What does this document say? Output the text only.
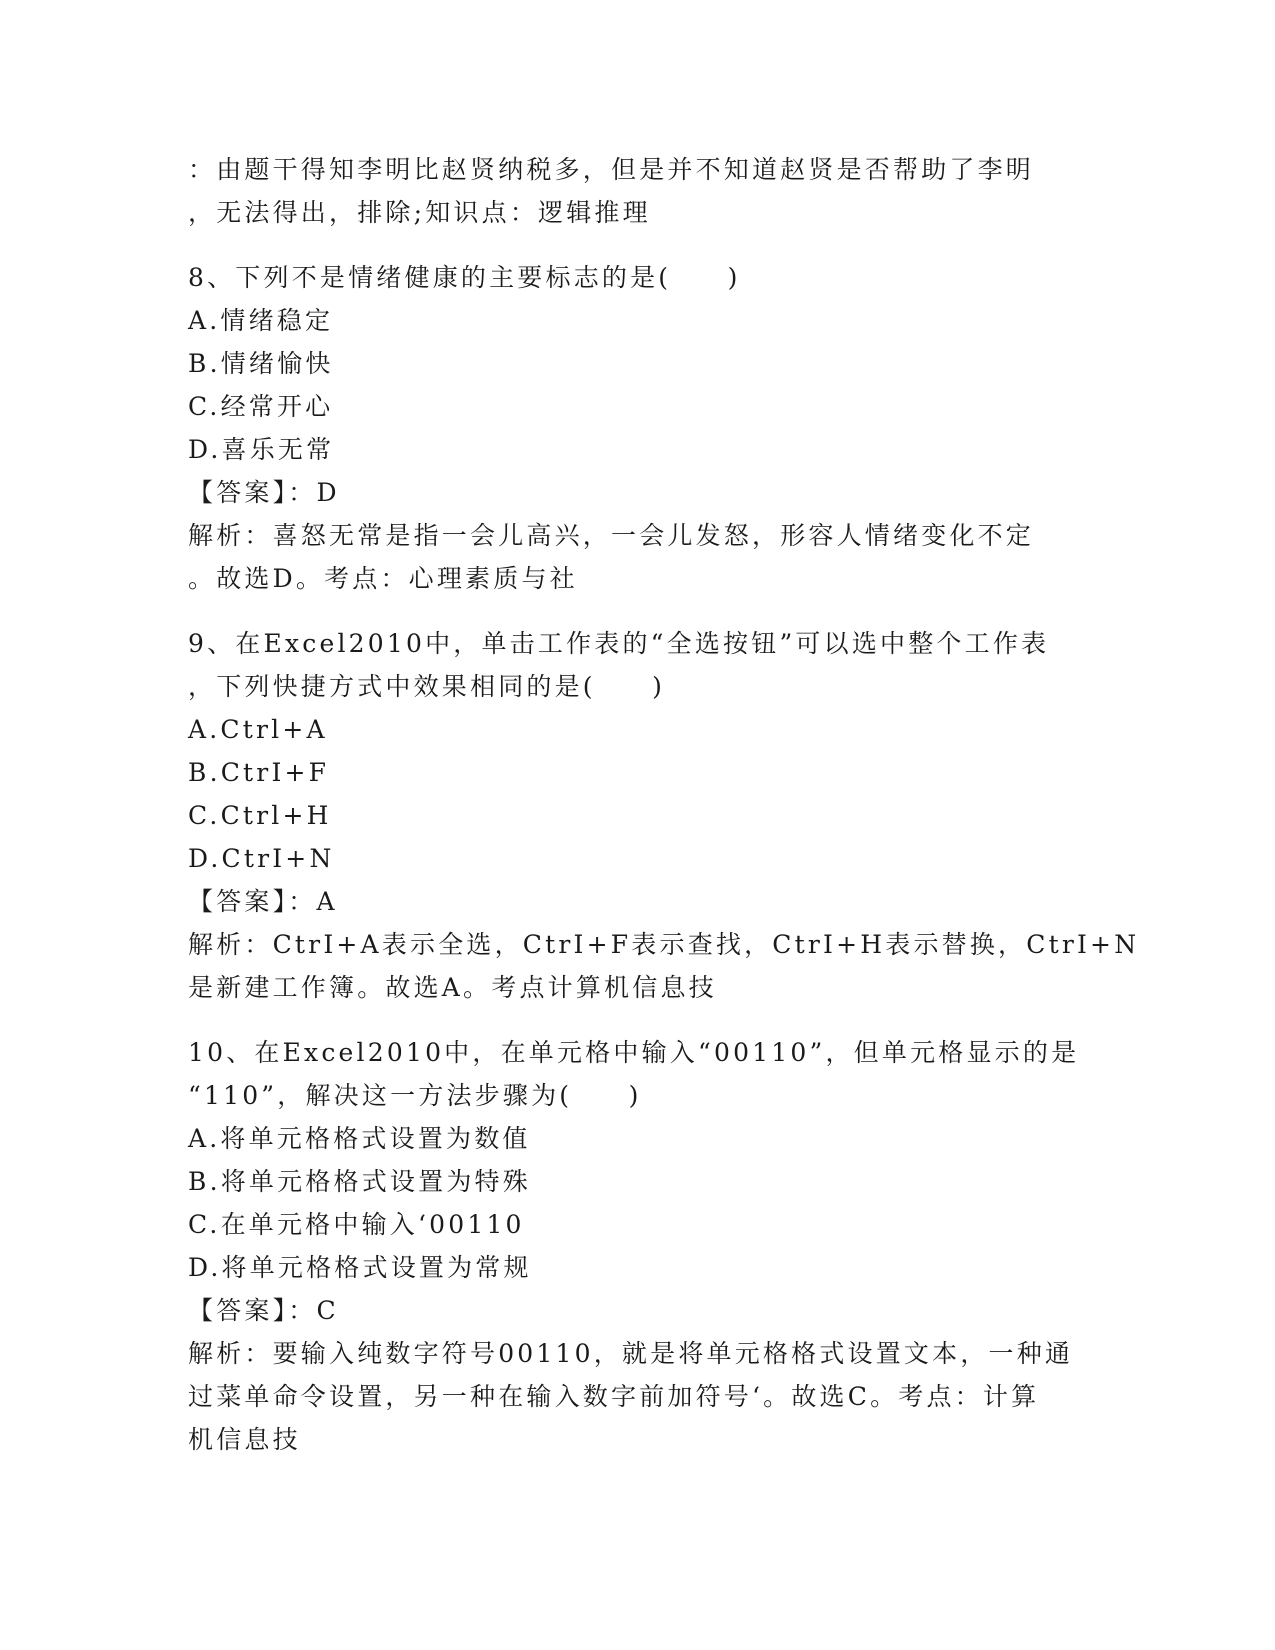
：由题干得知李明比赵贤纳税多，但是并不知道赵贤是否帮助了李明
，无法得出，排除;知识点：逻辑推理
8、下列不是情绪健康的主要标志的是(　　)
A.情绪稳定
B.情绪愉快
C.经常开心
D.喜乐无常
【答案】：D
解析：喜怒无常是指一会儿高兴，一会儿发怒，形容人情绪变化不定
。故选D。考点：心理素质与社
9、在Excel2010中，单击工作表的“全选按钮”可以选中整个工作表
，下列快捷方式中效果相同的是(　　)
A.Ctrl+A
B.CtrI+F
C.Ctrl+H
D.CtrI+N
【答案】：A
解析：CtrI+A表示全选，CtrI+F表示查找，CtrI+H表示替换，CtrI+N
是新建工作簿。故选A。考点计算机信息技
10、在Excel2010中，在单元格中输入“00110”，但单元格显示的是
“110”，解决这一方法步骤为(　　)
A.将单元格格式设置为数值
B.将单元格格式设置为特殊
C.在单元格中输入‘00110
D.将单元格格式设置为常规
【答案】：C
解析：要输入纯数字符号00110，就是将单元格格式设置文本，一种通
过菜单命令设置，另一种在输入数字前加符号‘。故选C。考点：计算
机信息技
